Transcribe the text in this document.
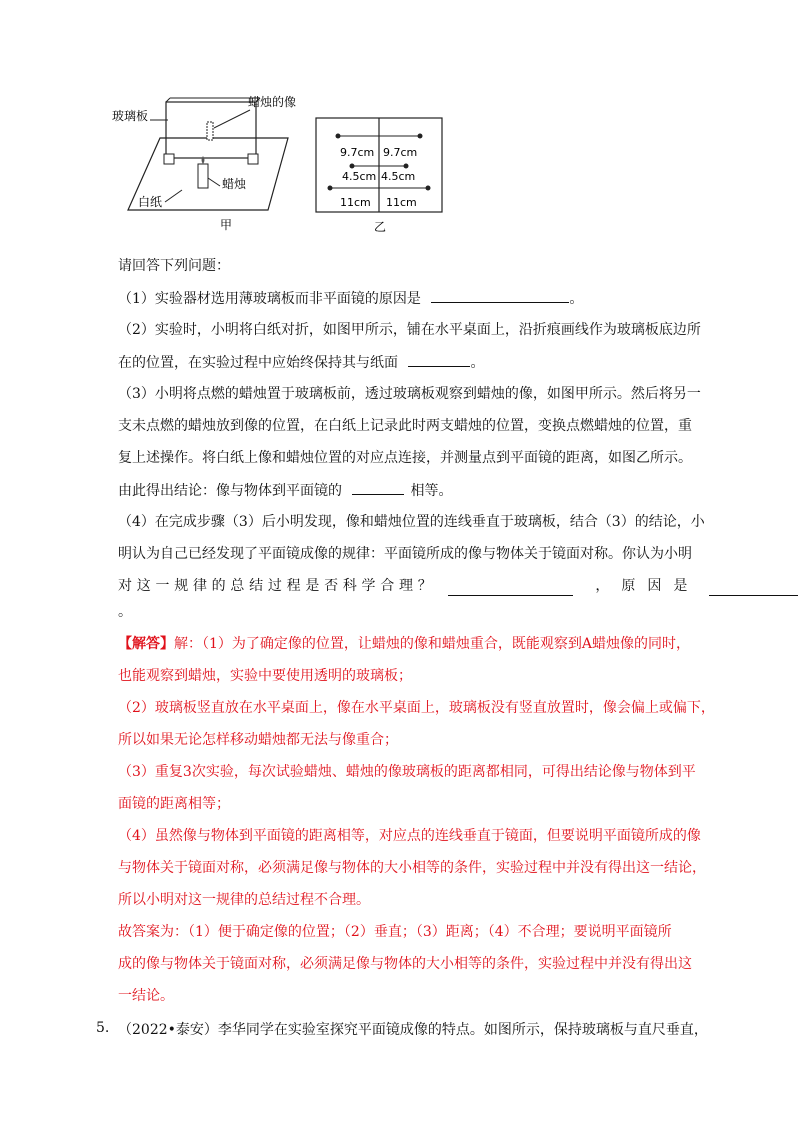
玻璃板
蜡烛的像
蜡烛
白纸
甲
9.7cm 9.7cm
4.5cm 4.5cm
11cm 11cm
乙
请回答下列问题：
（1）实验器材选用薄玻璃板而非平面镜的原因是	。
（2）实验时，小明将白纸对折，如图甲所示，铺在水平桌面上，沿折痕画线作为玻璃板底边所
在的位置，在实验过程中应始终保持其与纸面	。
（3）小明将点燃的蜡烛置于玻璃板前，透过玻璃板观察到蜡烛的像，如图甲所示。然后将另一
支未点燃的蜡烛放到像的位置，在白纸上记录此时两支蜡烛的位置，变换点燃蜡烛的位置，重
复上述操作。将白纸上像和蜡烛位置的对应点连接，并测量点到平面镜的距离，如图乙所示。
由此得出结论：像与物体到平面镜的	相等。
（4）在完成步骤（3）后小明发现，像和蜡烛位置的连线垂直于玻璃板，结合（3）的结论，小
明认为自己已经发现了平面镜成像的规律：平面镜所成的像与物体关于镜面对称。你认为小明
对 这 一 规 律 的 总 结 过 程 是 否 科 学 合 理 ？	，原因是
。
【解答】解：（1）为了确定像的位置，让蜡烛的像和蜡烛重合，既能观察到A蜡烛像的同时，
也能观察到蜡烛，实验中要使用透明的玻璃板；
（2）玻璃板竖直放在水平桌面上，像在水平桌面上，玻璃板没有竖直放置时，像会偏上或偏下，
所以如果无论怎样移动蜡烛都无法与像重合；
（3）重复3次实验，每次试验蜡烛、蜡烛的像玻璃板的距离都相同，可得出结论像与物体到平
面镜的距离相等；
（4）虽然像与物体到平面镜的距离相等，对应点的连线垂直于镜面，但要说明平面镜所成的像
与物体关于镜面对称，必须满足像与物体的大小相等的条件，实验过程中并没有得出这一结论，
所以小明对这一规律的总结过程不合理。
故答案为：（1）便于确定像的位置；（2）垂直；（3）距离；（4）不合理；要说明平面镜所
成的像与物体关于镜面对称，必须满足像与物体的大小相等的条件，实验过程中并没有得出这
一结论。
5. （2022•泰安）李华同学在实验室探究平面镜成像的特点。如图所示，保持玻璃板与直尺垂直，
